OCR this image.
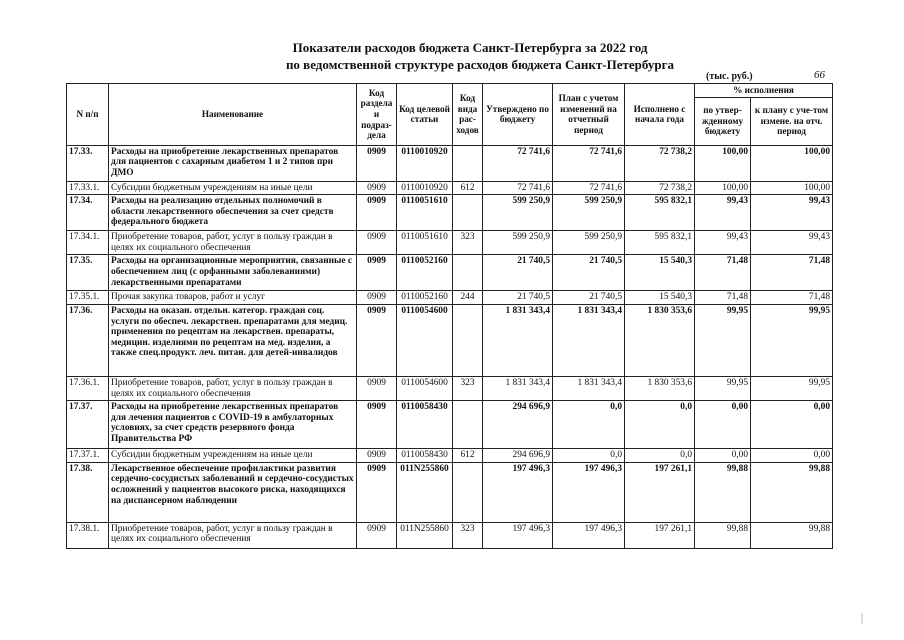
Показатели расходов бюджета Санкт-Петербурга за 2022 год
по ведомственной структуре расходов бюджета Санкт-Петербурга
(тыс. руб.)	66
N п/п	Наименование	Код раздела и подраз-дела	Код целевой статьи	Код вида рас-ходов	Утверждено по бюджету	План с учетом изменений на отчетный период	Исполнено с начала года	% исполнения	
								по утвер-жденному бюджету	к плану с уче-том измене. на отч. период
17.33.	Расходы на приобретение лекарственных препаратов для пациентов с сахарным диабетом 1 и 2 типов при ДМО	0909	0110010920		72 741,6	72 741,6	72 738,2	100,00	100,00
17.33.1.	Субсидии бюджетным учреждениям на иные цели	0909	0110010920	612	72 741,6	72 741,6	72 738,2	100,00	100,00
17.34.	Расходы на реализацию отдельных полномочий в области лекарственного обеспечения за счет средств федерального бюджета	0909	0110051610		599 250,9	599 250,9	595 832,1	99,43	99,43
17.34.1.	Приобретение товаров, работ, услуг в пользу граждан в целях их социального обеспечения	0909	0110051610	323	599 250,9	599 250,9	595 832,1	99,43	99,43
17.35.	Расходы на организационные мероприятия, связанные с обеспечением лиц (с орфанными заболеваниями) лекарственными препаратами	0909	0110052160		21 740,5	21 740,5	15 540,3	71,48	71,48
17.35.1.	Прочая закупка товаров, работ и услуг	0909	0110052160	244	21 740,5	21 740,5	15 540,3	71,48	71,48
17.36.	Расходы на оказан. отдельн. категор. граждан соц. услуги по обеспеч. лекарствен. препаратами для медиц. применения по рецептам на лекарствен. препараты, медицин. изделиями по рецептам на мед. изделия, а также спец.продукт. леч. питан. для детей-инвалидов	0909	0110054600		1 831 343,4	1 831 343,4	1 830 353,6	99,95	99,95
17.36.1.	Приобретение товаров, работ, услуг в пользу граждан в целях их социального обеспечения	0909	0110054600	323	1 831 343,4	1 831 343,4	1 830 353,6	99,95	99,95
17.37.	Расходы на приобретение лекарственных препаратов для лечения пациентов с COVID-19 в амбулаторных условиях, за счет средств резервного фонда Правительства РФ	0909	0110058430		294 696,9	0,0	0,0	0,00	0,00
17.37.1.	Субсидии бюджетным учреждениям на иные цели	0909	0110058430	612	294 696,9	0,0	0,0	0,00	0,00
17.38.	Лекарственное обеспечение профилактики развития сердечно-сосудистых заболеваний и сердечно-сосудистых осложнений у пациентов высокого риска, находящихся на диспансерном наблюдении	0909	011N255860		197 496,3	197 496,3	197 261,1	99,88	99,88
17.38.1.	Приобретение товаров, работ, услуг в пользу граждан в целях их социального обеспечения	0909	011N255860	323	197 496,3	197 496,3	197 261,1	99,88	99,88
